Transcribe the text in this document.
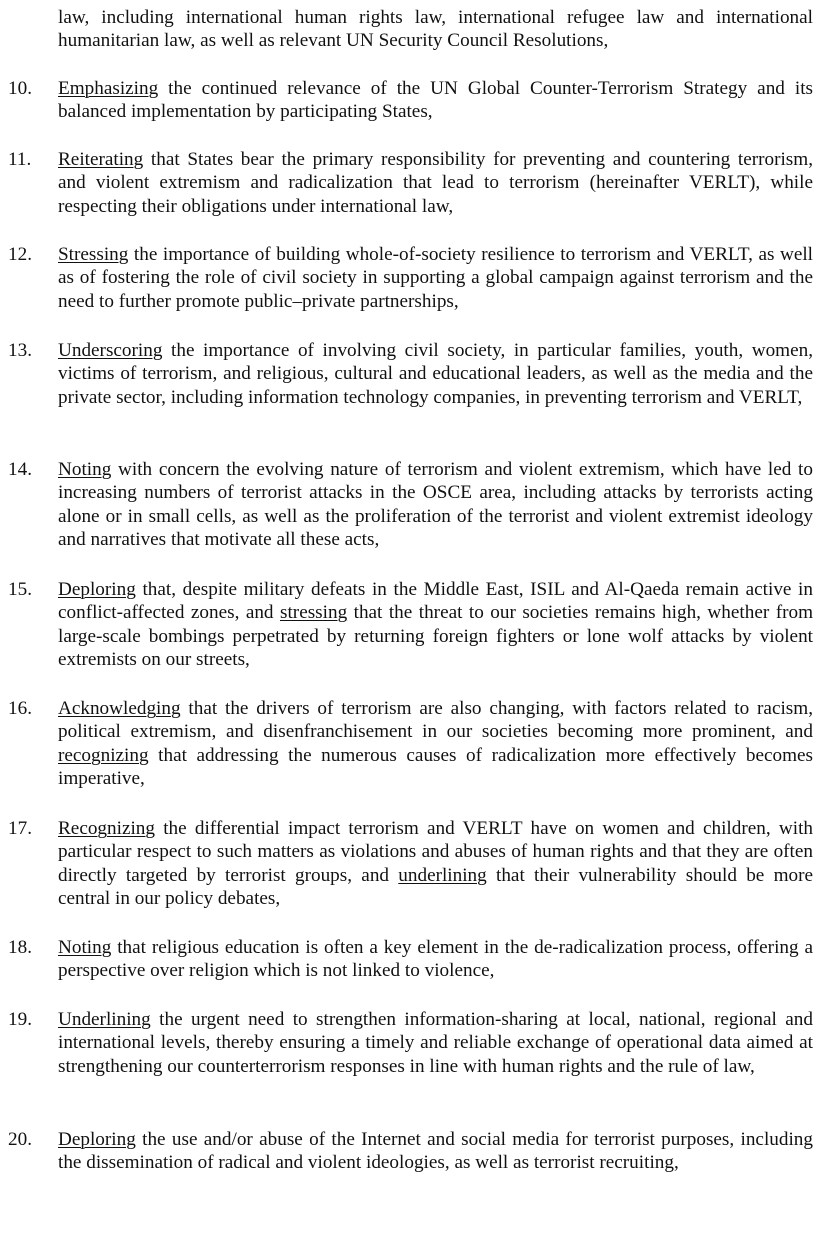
law, including international human rights law, international refugee law and international humanitarian law, as well as relevant UN Security Council Resolutions,
10.	Emphasizing the continued relevance of the UN Global Counter-Terrorism Strategy and its balanced implementation by participating States,
11.	Reiterating that States bear the primary responsibility for preventing and countering terrorism, and violent extremism and radicalization that lead to terrorism (hereinafter VERLT), while respecting their obligations under international law,
12.	Stressing the importance of building whole-of-society resilience to terrorism and VERLT, as well as of fostering the role of civil society in supporting a global campaign against terrorism and the need to further promote public–private partnerships,
13.	Underscoring the importance of involving civil society, in particular families, youth, women, victims of terrorism, and religious, cultural and educational leaders, as well as the media and the private sector, including information technology companies, in preventing terrorism and VERLT,
14.	Noting with concern the evolving nature of terrorism and violent extremism, which have led to increasing numbers of terrorist attacks in the OSCE area, including attacks by terrorists acting alone or in small cells, as well as the proliferation of the terrorist and violent extremist ideology and narratives that motivate all these acts,
15.	Deploring that, despite military defeats in the Middle East, ISIL and Al-Qaeda remain active in conflict-affected zones, and stressing that the threat to our societies remains high, whether from large-scale bombings perpetrated by returning foreign fighters or lone wolf attacks by violent extremists on our streets,
16.	Acknowledging that the drivers of terrorism are also changing, with factors related to racism, political extremism, and disenfranchisement in our societies becoming more prominent, and recognizing that addressing the numerous causes of radicalization more effectively becomes imperative,
17.	Recognizing the differential impact terrorism and VERLT have on women and children, with particular respect to such matters as violations and abuses of human rights and that they are often directly targeted by terrorist groups, and underlining that their vulnerability should be more central in our policy debates,
18.	Noting that religious education is often a key element in the de-radicalization process, offering a perspective over religion which is not linked to violence,
19.	Underlining the urgent need to strengthen information-sharing at local, national, regional and international levels, thereby ensuring a timely and reliable exchange of operational data aimed at strengthening our counterterrorism responses in line with human rights and the rule of law,
20.	Deploring the use and/or abuse of the Internet and social media for terrorist purposes, including the dissemination of radical and violent ideologies, as well as terrorist recruiting,
